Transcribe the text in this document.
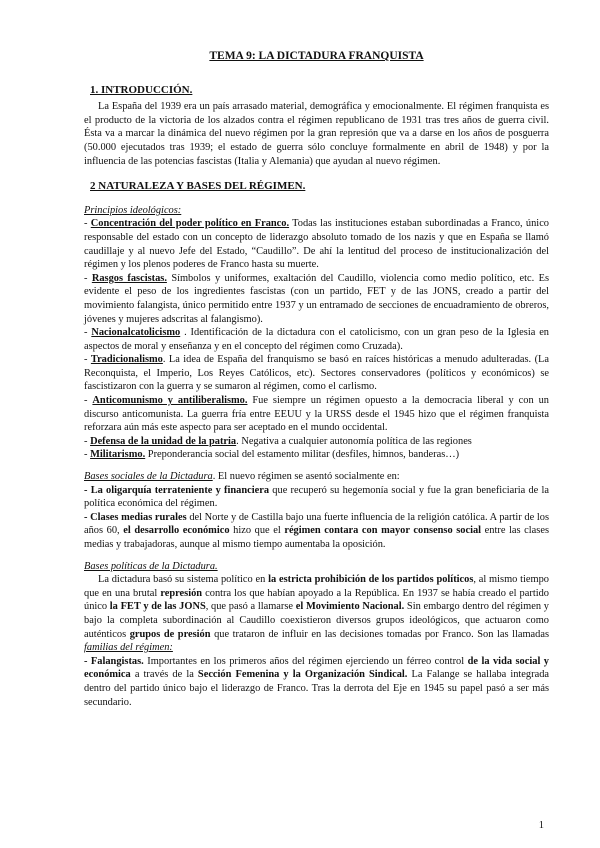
TEMA 9: LA DICTADURA FRANQUISTA
1. INTRODUCCIÓN.

La España del 1939 era un país arrasado material, demográfica y emocionalmente. El régimen franquista es el producto de la victoria de los alzados contra el régimen republicano de 1931 tras tres años de guerra civil. Ésta va a marcar la dinámica del nuevo régimen por la gran represión que va a darse en los años de posguerra (50.000 ejecutados tras 1939; el estado de guerra sólo concluye formalmente en abril de 1948) y por la influencia de las potencias fascistas (Italia y Alemania) que ayudan al nuevo régimen.

2 NATURALEZA Y BASES DEL RÉGIMEN.

Principios ideológicos:

- Concentración del poder político en Franco. Todas las instituciones estaban subordinadas a Franco, único responsable del estado con un concepto de liderazgo absoluto tomado de los nazis y que en España se llamó caudillaje y al nuevo Jefe del Estado, “Caudillo”. De ahí la lentitud del proceso de institucionalización del régimen y los plenos poderes de Franco hasta su muerte.

- Rasgos fascistas. Símbolos y uniformes, exaltación del Caudillo, violencia como medio político, etc. Es evidente el peso de los ingredientes fascistas (con un partido, FET y de las JONS, creado a partir del movimiento falangista, único permitido entre 1937 y un entramado de secciones de encuadramiento de obreros, jóvenes y mujeres adscritas al falangismo).

- Nacionalcatolicismo . Identificación de la dictadura con el catolicismo, con un gran peso de la Iglesia en aspectos de moral y enseñanza y en el concepto del régimen como Cruzada).

- Tradicionalismo. La idea de España del franquismo se basó en raíces históricas a menudo adulteradas. (La Reconquista, el Imperio, Los Reyes Católicos, etc). Sectores conservadores (políticos y económicos) se fascistizaron con la guerra y se sumaron al régimen, como el carlismo.

- Anticomunismo y antiliberalismo. Fue siempre un régimen opuesto a la democracia liberal y con un discurso anticomunista. La guerra fría entre EEUU y la URSS desde el 1945 hizo que el régimen franquista reforzara aún más este aspecto para ser aceptado en el mundo occidental.

- Defensa de la unidad de la patria. Negativa a cualquier autonomía política de las regiones

- Militarismo. Preponderancia social del estamento militar (desfiles, himnos, banderas…)

Bases sociales de la Dictadura. El nuevo régimen se asentó socialmente en:

- La oligarquía terrateniente y financiera que recuperó su hegemonía social y fue la gran beneficiaria de la política económica del régimen.

- Clases medias rurales del Norte y de Castilla bajo una fuerte influencia de la religión católica. A partir de los años 60, el desarrollo económico hizo que el régimen contara con mayor consenso social entre las clases medias y trabajadoras, aunque al mismo tiempo aumentaba la oposición.

Bases políticas de la Dictadura.

La dictadura basó su sistema político en la estricta prohibición de los partidos políticos, al mismo tiempo que en una brutal represión contra los que habían apoyado a la República. En 1937 se había creado el partido único la FET y de las JONS, que pasó a llamarse el Movimiento Nacional. Sin embargo dentro del régimen y bajo la completa subordinación al Caudillo coexistieron diversos grupos ideológicos, que actuaron como auténticos grupos de presión que trataron de influir en las decisiones tomadas por Franco. Son las llamadas familias del régimen:

- Falangistas. Importantes en los primeros años del régimen ejerciendo un férreo control de la vida social y económica a través de la Sección Femenina y la Organización Sindical. La Falange se hallaba integrada dentro del partido único bajo el liderazgo de Franco. Tras la derrota del Eje en 1945 su papel pasó a ser más secundario.

1
